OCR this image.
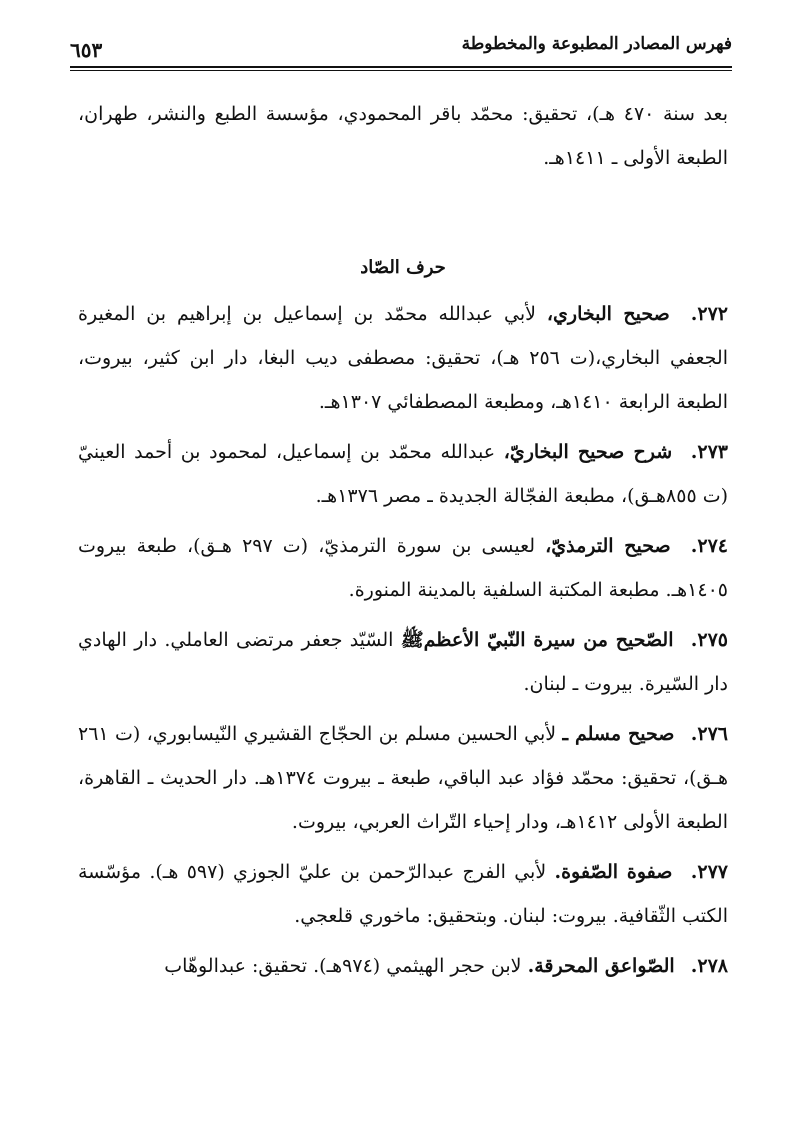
فهرس المصادر المطبوعة والمخطوطة
٦٥٣

بعد سنة ٤٧٠ هـ)، تحقيق: محمّد باقر المحمودي، مؤسسة الطبع والنشر، طهران، الطبعة الأولى ـ ١٤١١هـ.

حرف الصّاد

٢٧٢. صحيح البخاري، لأبي عبدالله محمّد بن إسماعيل بن إبراهيم بن المغيرة الجعفي البخاري،(ت ٢٥٦ هـ)، تحقيق: مصطفى ديب البغا، دار ابن كثير، بيروت، الطبعة الرابعة ١٤١٠هـ، ومطبعة المصطفائي ١٣٠٧هـ.

٢٧٣. شرح صحيح البخاريّ، عبدالله محمّد بن إسماعيل، لمحمود بن أحمد العينيّ (ت ٨٥٥هـق)، مطبعة الفجّالة الجديدة ـ مصر ١٣٧٦هـ.

٢٧٤. صحيح الترمذيّ، لعيسى بن سورة الترمذيّ، (ت ٢٩٧ هـق)، طبعة بيروت ١٤٠٥هـ. مطبعة المكتبة السلفية بالمدينة المنورة.

٢٧٥. الصّحيح من سيرة النّبيّ الأعظمﷺ السّيّد جعفر مرتضى العاملي. دار الهادي دار السّيرة. بيروت ـ لبنان.

٢٧٦. صحيح مسلم ـ لأبي الحسين مسلم بن الحجّاج القشيري النّيسابوري، (ت ٢٦١ هـق)، تحقيق: محمّد فؤاد عبد الباقي، طبعة ـ بيروت ١٣٧٤هـ. دار الحديث ـ القاهرة، الطبعة الأولى ١٤١٢هـ، ودار إحياء التّراث العربي، بيروت.

٢٧٧. صفوة الصّفوة. لأبي الفرج عبدالرّحمن بن عليّ الجوزي (٥٩٧ هـ). مؤسّسة الكتب الثّقافية. بيروت: لبنان. وبتحقيق: ماخوري قلعجي.

٢٧٨. الصّواعق المحرقة. لابن حجر الهيثمي (٩٧٤هـ). تحقيق: عبدالوهّاب
